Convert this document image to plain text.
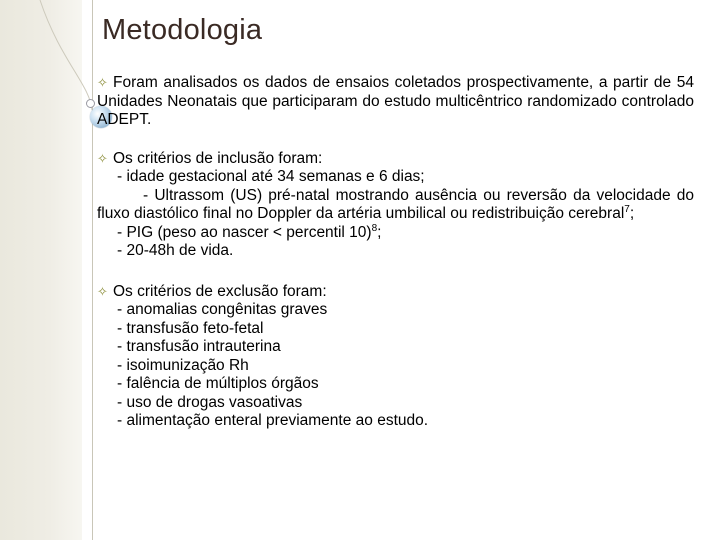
Metodologia

✧ Foram analisados os dados de ensaios coletados prospectivamente, a partir de 54 Unidades Neonatais que participaram do estudo multicêntrico randomizado controlado ADEPT.

✧ Os critérios de inclusão foram:

- idade gestacional até 34 semanas e 6 dias;

- Ultrassom (US) pré-natal mostrando ausência ou reversão da velocidade do fluxo diastólico final no Doppler da artéria umbilical ou redistribuição cerebral$^7$;

- PIG (peso ao nascer < percentil 10)$^8$;

- 20-48h de vida.

✧ Os critérios de exclusão foram:

- anomalias congênitas graves

- transfusão feto-fetal

- transfusão intrauterina

- isoimunização Rh

- falência de múltiplos órgãos

- uso de drogas vasoativas

- alimentação enteral previamente ao estudo.
